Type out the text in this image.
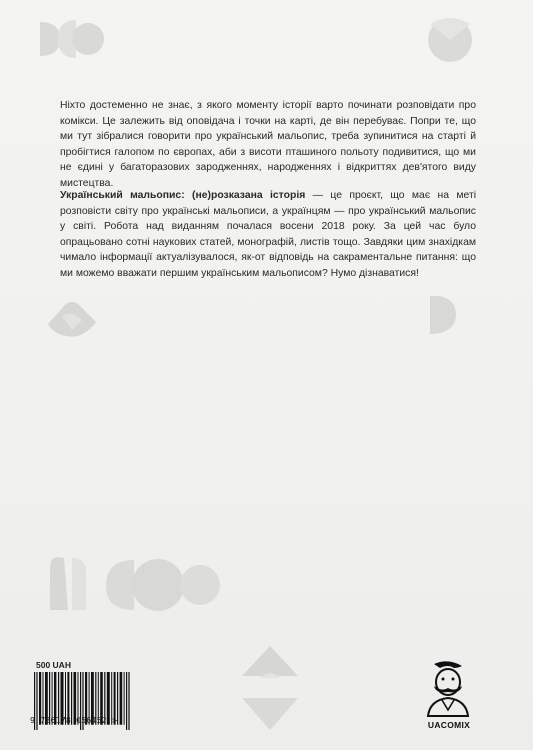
Ніхто достеменно не знає, з якого моменту історії варто починати розповідати про комікси. Це залежить від оповідача і точки на карті, де він перебуває. Попри те, що ми тут зібралися говорити про український мальопис, треба зупинитися на старті й пробігтися галопом по європах, аби з висоти пташиного польоту подивитися, що ми не єдині у багаторазових зародженнях, народженнях і відкриттях дев'ятого виду мистецтва.

Український мальопис: (не)розказана історія — це проєкт, що має на меті розповісти світу про українські мальописи, а українцям — про український мальопис у світі. Робота над виданням почалася восени 2018 року. За цей час було опрацьовано сотні наукових статей, монографій, листів тощо. Завдяки цим знахідкам чимало інформації актуалізувалося, як-от відповідь на сакраментальне питання: що ми можемо вважати першим українським мальописом? Нумо дізнаватися!

500 UAH
9 786178 056452 >	UACOMIX
